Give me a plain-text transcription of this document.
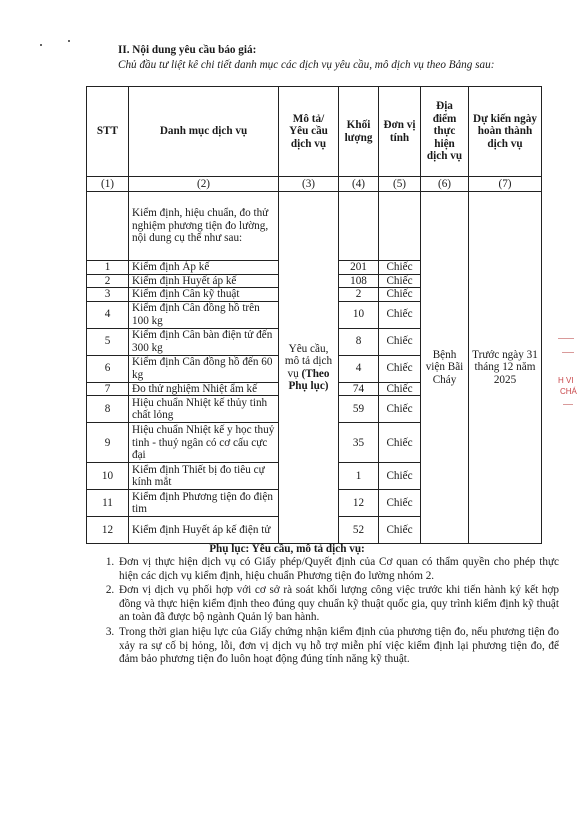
II. Nội dung yêu cầu báo giá:
Chủ đầu tư liệt kê chi tiết danh mục các dịch vụ yêu cầu, mô dịch vụ theo Bảng sau:
STT	Danh mục dịch vụ	Mô tả/ Yêu cầu dịch vụ	Khối lượng	Đơn vị tính	Địa điểm thực hiện dịch vụ	Dự kiến ngày hoàn thành dịch vụ
(1)	(2)	(3)	(4)	(5)	(6)	(7)
	Kiểm định, hiệu chuẩn, đo thử nghiệm phương tiện đo lường, nội dung cụ thể như sau:	Yêu cầu, mô tả dịch vụ (Theo Phụ lục)			Bệnh viện Bãi Cháy	Trước ngày 31 tháng 12 năm 2025
1	Kiểm định Áp kế		201	Chiếc		
2	Kiểm định Huyết áp kế		108	Chiếc		
3	Kiểm định Cân kỹ thuật		2	Chiếc		
4	Kiểm định Cân đồng hồ trên 100 kg		10	Chiếc		
5	Kiểm định Cân bàn điện tử đến 300 kg		8	Chiếc		
6	Kiểm định Cân đồng hồ đến 60 kg		4	Chiếc		
7	Đo thử nghiệm Nhiệt ẩm kế		74	Chiếc		
8	Hiệu chuẩn Nhiệt kế thủy tinh chất lỏng		59	Chiếc		
9	Hiệu chuẩn Nhiệt kế y học thuỷ tinh - thuỷ ngân có cơ cấu cực đại		35	Chiếc		
10	Kiểm định Thiết bị đo tiêu cự kính mắt		1	Chiếc		
11	Kiểm định Phương tiện đo điện tim		12	Chiếc		
12	Kiểm định Huyết áp kế điện tử		52	Chiếc		
Phụ lục: Yêu cầu, mô tả dịch vụ:
1. Đơn vị thực hiện dịch vụ có Giấy phép/Quyết định của Cơ quan có thẩm quyền cho phép thực hiện các dịch vụ kiểm định, hiệu chuẩn Phương tiện đo lường nhóm 2.
2. Đơn vị dịch vụ phối hợp với cơ sở rà soát khối lượng công việc trước khi tiến hành ký kết hợp đồng và thực hiện kiểm định theo đúng quy chuẩn kỹ thuật quốc gia, quy trình kiểm định kỹ thuật an toàn đã được bộ ngành Quản lý ban hành.
3. Trong thời gian hiệu lực của Giấy chứng nhận kiểm định của phương tiện đo, nếu phương tiện đo xảy ra sự cố bị hỏng, lỗi, đơn vị dịch vụ hỗ trợ miễn phí việc kiểm định lại phương tiện đo, để đảm bảo phương tiện đo luôn hoạt động đúng tính năng kỹ thuật.
H VI
CHÁ
